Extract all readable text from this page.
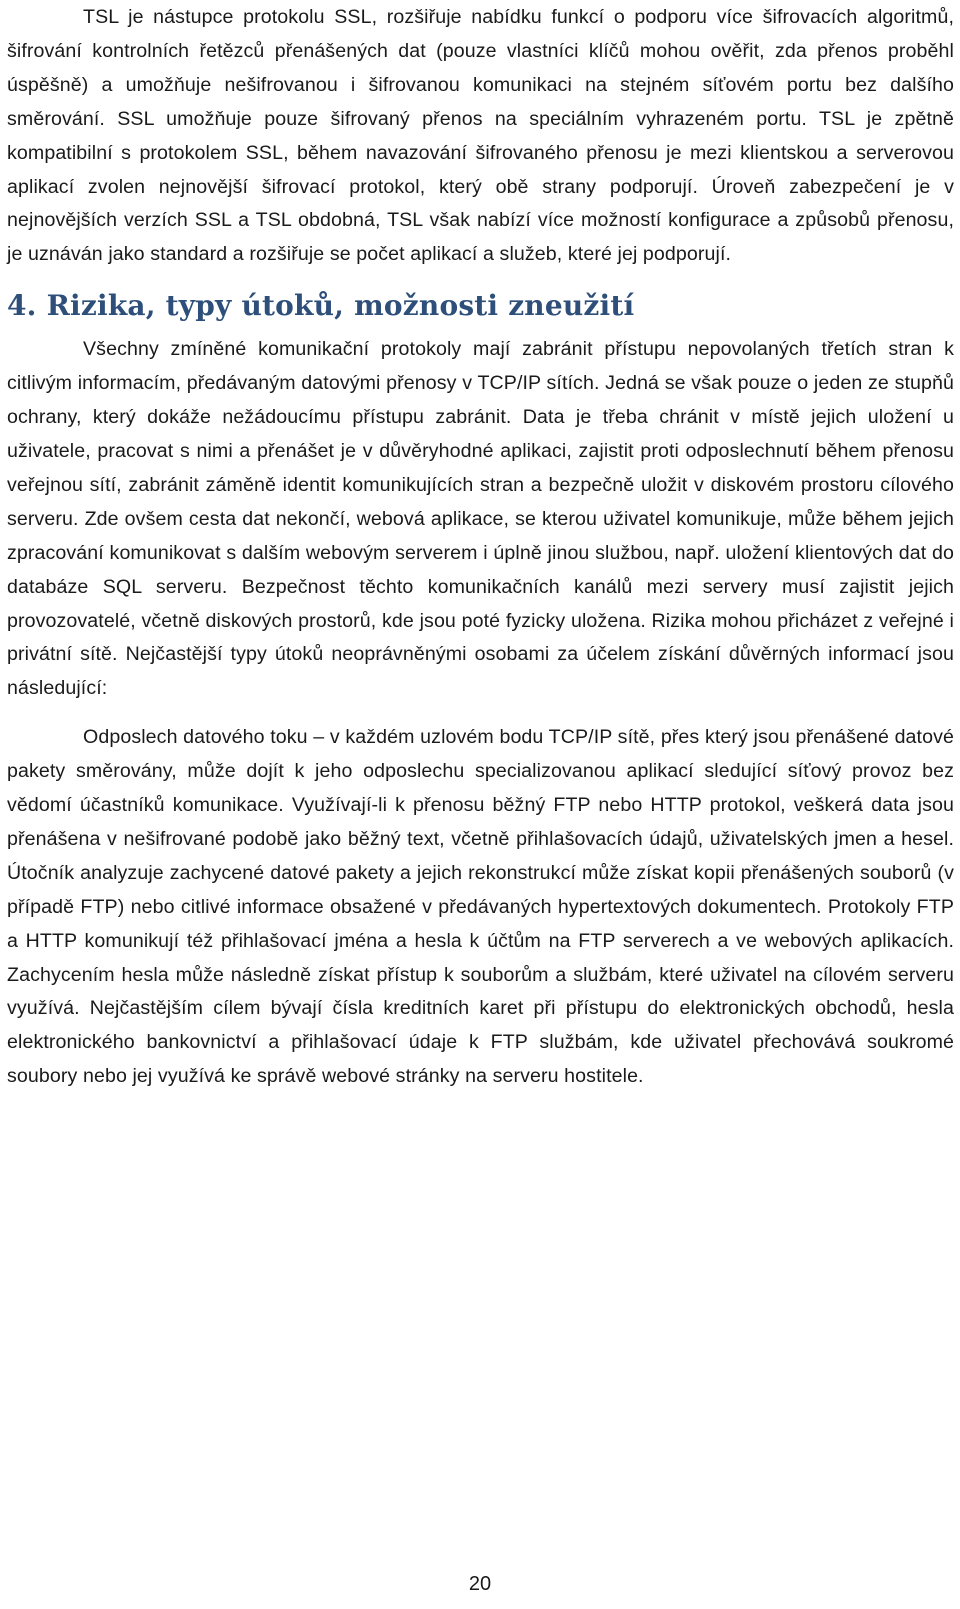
TSL je nástupce protokolu SSL, rozšiřuje nabídku funkcí o podporu více šifrovacích algoritmů, šifrování kontrolních řetězců přenášených dat (pouze vlastníci klíčů mohou ověřit, zda přenos proběhl úspěšně) a umožňuje nešifrovanou i šifrovanou komunikaci na stejném síťovém portu bez dalšího směrování. SSL umožňuje pouze šifrovaný přenos na speciálním vyhrazeném portu. TSL je zpětně kompatibilní s protokolem SSL, během navazování šifrovaného přenosu je mezi klientskou a serverovou aplikací zvolen nejnovější šifrovací protokol, který obě strany podporují. Úroveň zabezpečení je v nejnovějších verzích SSL a TSL obdobná, TSL však nabízí více možností konfigurace a způsobů přenosu, je uznáván jako standard a rozšiřuje se počet aplikací a služeb, které jej podporují.

4. Rizika, typy útoků, možnosti zneužití

Všechny zmíněné komunikační protokoly mají zabránit přístupu nepovolaných třetích stran k citlivým informacím, předávaným datovými přenosy v TCP/IP sítích. Jedná se však pouze o jeden ze stupňů ochrany, který dokáže nežádoucímu přístupu zabránit. Data je třeba chránit v místě jejich uložení u uživatele, pracovat s nimi a přenášet je v důvěryhodné aplikaci, zajistit proti odposlechnutí během přenosu veřejnou sítí, zabránit záměně identit komunikujících stran a bezpečně uložit v diskovém prostoru cílového serveru. Zde ovšem cesta dat nekončí, webová aplikace, se kterou uživatel komunikuje, může během jejich zpracování komunikovat s dalším webovým serverem i úplně jinou službou, např. uložení klientových dat do databáze SQL serveru. Bezpečnost těchto komunikačních kanálů mezi servery musí zajistit jejich provozovatelé, včetně diskových prostorů, kde jsou poté fyzicky uložena. Rizika mohou přicházet z veřejné i privátní sítě. Nejčastější typy útoků neoprávněnými osobami za účelem získání důvěrných informací jsou následující:

Odposlech datového toku – v každém uzlovém bodu TCP/IP sítě, přes který jsou přenášené datové pakety směrovány, může dojít k jeho odposlechu specializovanou aplikací sledující síťový provoz bez vědomí účastníků komunikace. Využívají-li k přenosu běžný FTP nebo HTTP protokol, veškerá data jsou přenášena v nešifrované podobě jako běžný text, včetně přihlašovacích údajů, uživatelských jmen a hesel. Útočník analyzuje zachycené datové pakety a jejich rekonstrukcí může získat kopii přenášených souborů (v případě FTP) nebo citlivé informace obsažené v předávaných hypertextových dokumentech. Protokoly FTP a HTTP komunikují též přihlašovací jména a hesla k účtům na FTP serverech a ve webových aplikacích. Zachycením hesla může následně získat přístup k souborům a službám, které uživatel na cílovém serveru využívá. Nejčastějším cílem bývají čísla kreditních karet při přístupu do elektronických obchodů, hesla elektronického bankovnictví a přihlašovací údaje k FTP službám, kde uživatel přechovává soukromé soubory nebo jej využívá ke správě webové stránky na serveru hostitele.

20
